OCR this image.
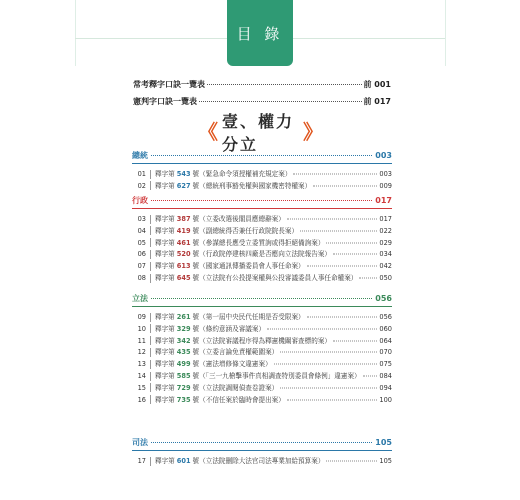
目 錄
常考釋字口訣一覽表	前 001
憲判字口訣一覽表	前 017
《 壹、權力分立
》
總統	003
01	釋字第 543 號 （緊急命令須授權補充規定案）	003
02	釋字第 627 號 （總統刑事豁免權與國家機密特權案）	009
行政	017
03	釋字第 387 號 （立委改選後閣員應總辭案）	017
04	釋字第 419 號 （副總統得否兼任行政院院長案）	022
05	釋字第 461 號 （參謀總長應受立委質詢或得拒絕備詢案）	029
06	釋字第 520 號 （行政院停建核四廠是否應向立法院報告案）	034
07	釋字第 613 號 （國家通訊傳播委員會人事任命案）	042
08	釋字第 645 號 （立法院有公投提案權與公投審議委員人事任命權案）	050
立法	056
09	釋字第 261 號 （第一屆中央民代任期是否受限案）	056
10	釋字第 329 號 （條約意涵及審議案）	060
11	釋字第 342 號 （立法院審議程序得為釋憲機關審查標的案）	064
12	釋字第 435 號 （立委言論免責權範圍案）	070
13	釋字第 499 號 （憲法增修條文違憲案）	075
14	釋字第 585 號 （「三一九槍擊事件真相調查特別委員會條例」違憲案）	084
15	釋字第 729 號 （立法院調閱偵查卷證案）	094
16	釋字第 735 號 （不信任案於臨時會提出案）	100
司法	105
17	釋字第 601 號 （立法院刪除大法官司法專業加給預算案）	105
